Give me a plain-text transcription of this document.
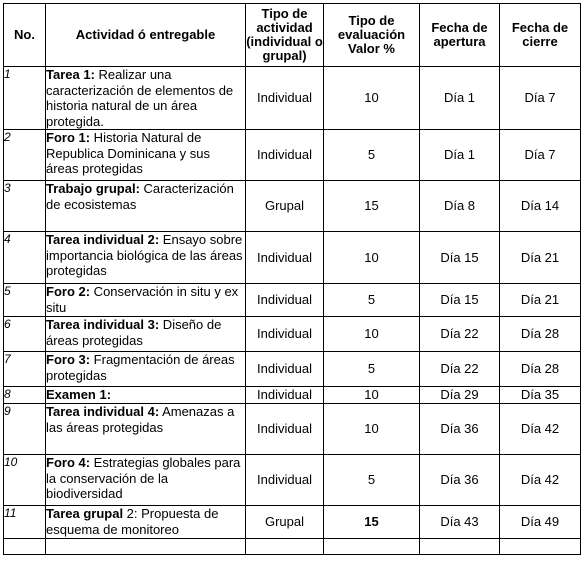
No.	Actividad ó entregable	Tipo de actividad (individual o grupal)	Tipo de evaluación Valor %	Fecha de apertura	Fecha de cierre
1	Tarea 1: Realizar una caracterización de elementos de historia natural de un área protegida.	Individual	10	Día 1	Día 7
2	Foro 1: Historia Natural de Republica Dominicana y sus áreas protegidas	Individual	5	Día 1	Día 7
3	Trabajo grupal: Caracterización de ecosistemas	Grupal	15	Día 8	Día 14
4	Tarea individual 2: Ensayo sobre importancia biológica de las áreas protegidas	Individual	10	Día 15	Día 21
5	Foro 2: Conservación in situ y ex situ	Individual	5	Día 15	Día 21
6	Tarea individual 3: Diseño de áreas protegidas	Individual	10	Día 22	Día 28
7	Foro 3: Fragmentación de áreas protegidas	Individual	5	Día 22	Día 28
8	Examen 1:	Individual	10	Día 29	Día 35
9	Tarea individual 4: Amenazas a las áreas protegidas	Individual	10	Día 36	Día 42
10	Foro 4: Estrategias globales para la conservación de la biodiversidad	Individual	5	Día 36	Día 42
11	Tarea grupal 2: Propuesta de esquema de monitoreo	Grupal	15	Día 43	Día 49
